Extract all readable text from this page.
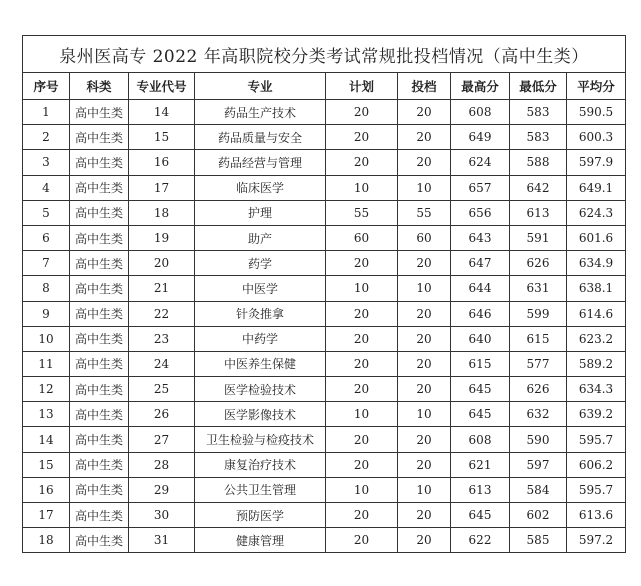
泉州医高专 2022 年高职院校分类考试常规批投档情况（高中生类）								
序号	科类	专业代号	专业	计划	投档	最高分	最低分	平均分
1	高中生类	14	药品生产技术	20	20	608	583	590.5
2	高中生类	15	药品质量与安全	20	20	649	583	600.3
3	高中生类	16	药品经营与管理	20	20	624	588	597.9
4	高中生类	17	临床医学	10	10	657	642	649.1
5	高中生类	18	护理	55	55	656	613	624.3
6	高中生类	19	助产	60	60	643	591	601.6
7	高中生类	20	药学	20	20	647	626	634.9
8	高中生类	21	中医学	10	10	644	631	638.1
9	高中生类	22	针灸推拿	20	20	646	599	614.6
10	高中生类	23	中药学	20	20	640	615	623.2
11	高中生类	24	中医养生保健	20	20	615	577	589.2
12	高中生类	25	医学检验技术	20	20	645	626	634.3
13	高中生类	26	医学影像技术	10	10	645	632	639.2
14	高中生类	27	卫生检验与检疫技术	20	20	608	590	595.7
15	高中生类	28	康复治疗技术	20	20	621	597	606.2
16	高中生类	29	公共卫生管理	10	10	613	584	595.7
17	高中生类	30	预防医学	20	20	645	602	613.6
18	高中生类	31	健康管理	20	20	622	585	597.2
